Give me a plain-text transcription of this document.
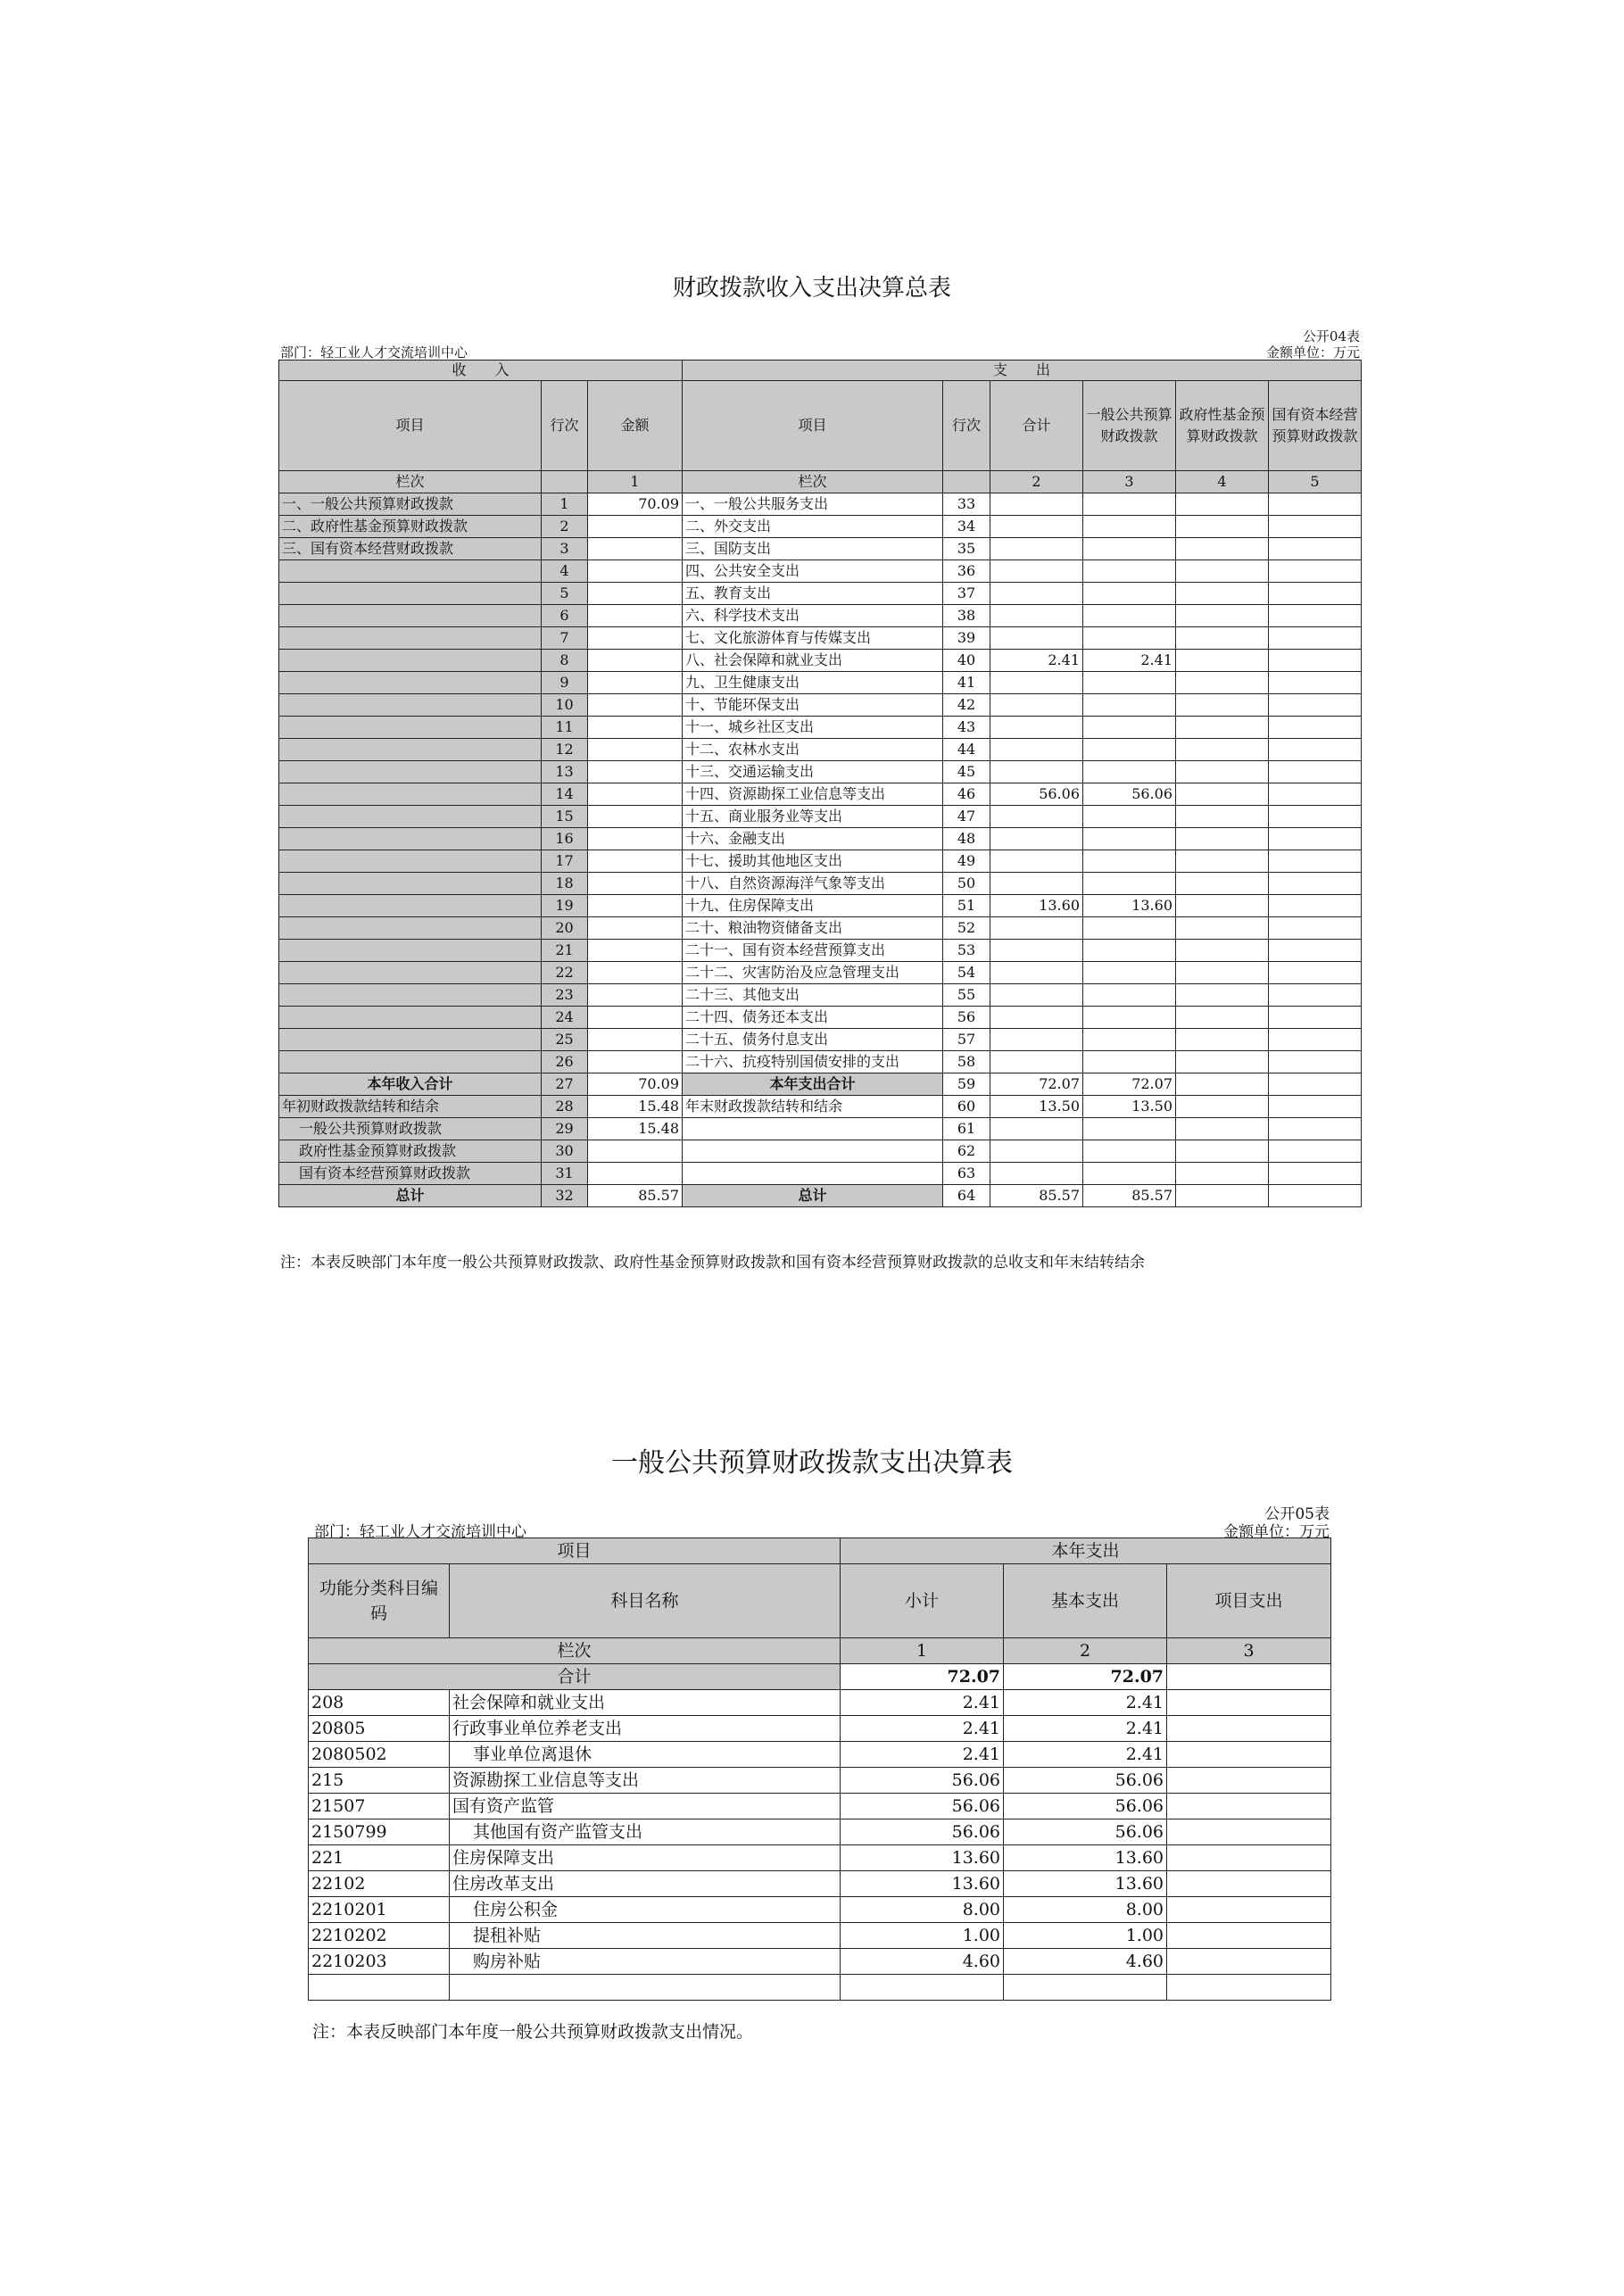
财政拨款收入支出决算总表
公开04表
部门：轻工业人才交流培训中心	金额单位：万元
收　　入			支　　出					
项目	行次	金额	项目	行次	合计	一般公共预算财政拨款	政府性基金预算财政拨款	国有资本经营预算财政拨款
栏次		1	栏次		2	3	4	5
一、一般公共预算财政拨款	1	70.09	一、一般公共服务支出	33				
二、政府性基金预算财政拨款	2		二、外交支出	34				
三、国有资本经营财政拨款	3		三、国防支出	35				
	4		四、公共安全支出	36				
	5		五、教育支出	37				
	6		六、科学技术支出	38				
	7		七、文化旅游体育与传媒支出	39				
	8		八、社会保障和就业支出	40	2.41	2.41		
	9		九、卫生健康支出	41				
	10		十、节能环保支出	42				
	11		十一、城乡社区支出	43				
	12		十二、农林水支出	44				
	13		十三、交通运输支出	45				
	14		十四、资源勘探工业信息等支出	46	56.06	56.06		
	15		十五、商业服务业等支出	47				
	16		十六、金融支出	48				
	17		十七、援助其他地区支出	49				
	18		十八、自然资源海洋气象等支出	50				
	19		十九、住房保障支出	51	13.60	13.60		
	20		二十、粮油物资储备支出	52				
	21		二十一、国有资本经营预算支出	53				
	22		二十二、灾害防治及应急管理支出	54				
	23		二十三、其他支出	55				
	24		二十四、债务还本支出	56				
	25		二十五、债务付息支出	57				
	26		二十六、抗疫特别国债安排的支出	58				
本年收入合计	27	70.09	本年支出合计	59	72.07	72.07		
年初财政拨款结转和结余	28	15.48	年末财政拨款结转和结余	60	13.50	13.50		
一般公共预算财政拨款	29	15.48		61				
政府性基金预算财政拨款	30			62				
国有资本经营预算财政拨款	31			63				
总计	32	85.57	总计	64	85.57	85.57		
注：本表反映部门本年度一般公共预算财政拨款、政府性基金预算财政拨款和国有资本经营预算财政拨款的总收支和年末结转结余
一般公共预算财政拨款支出决算表
公开05表
部门：轻工业人才交流培训中心	金额单位：万元
项目		本年支出		
功能分类科目编码	科目名称	小计	基本支出	项目支出
栏次		1	2	3
合计		72.07	72.07	
208	社会保障和就业支出	2.41	2.41	
20805	行政事业单位养老支出	2.41	2.41	
2080502	事业单位离退休	2.41	2.41	
215	资源勘探工业信息等支出	56.06	56.06	
21507	国有资产监管	56.06	56.06	
2150799	其他国有资产监管支出	56.06	56.06	
221	住房保障支出	13.60	13.60	
22102	住房改革支出	13.60	13.60	
2210201	住房公积金	8.00	8.00	
2210202	提租补贴	1.00	1.00	
2210203	购房补贴	4.60	4.60	

注：本表反映部门本年度一般公共预算财政拨款支出情况。
